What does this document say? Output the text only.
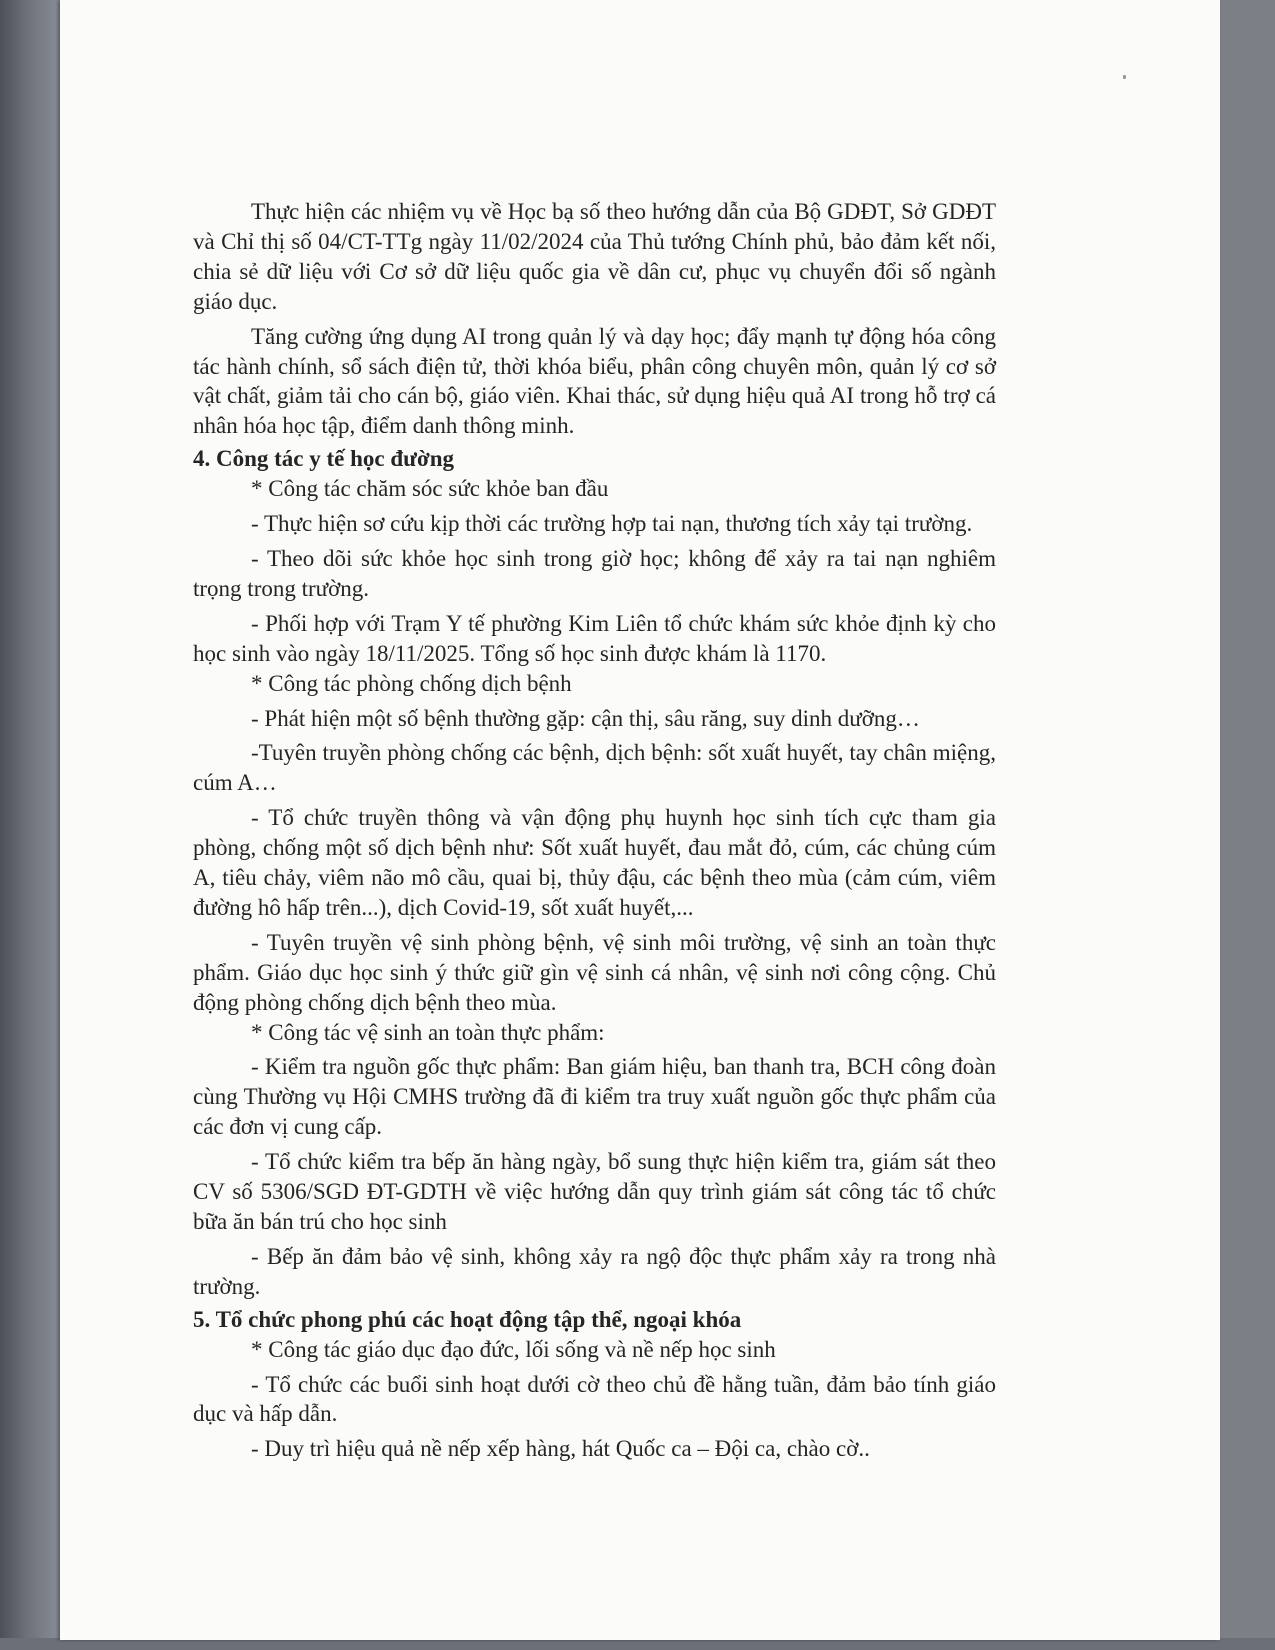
Thực hiện các nhiệm vụ về Học bạ số theo hướng dẫn của Bộ GDĐT, Sở GDĐT và Chỉ thị số 04/CT-TTg ngày 11/02/2024 của Thủ tướng Chính phủ, bảo đảm kết nối, chia sẻ dữ liệu với Cơ sở dữ liệu quốc gia về dân cư, phục vụ chuyển đổi số ngành giáo dục.

Tăng cường ứng dụng AI trong quản lý và dạy học; đẩy mạnh tự động hóa công tác hành chính, sổ sách điện tử, thời khóa biểu, phân công chuyên môn, quản lý cơ sở vật chất, giảm tải cho cán bộ, giáo viên. Khai thác, sử dụng hiệu quả AI trong hỗ trợ cá nhân hóa học tập, điểm danh thông minh.

4. Công tác y tế học đường

* Công tác chăm sóc sức khỏe ban đầu

- Thực hiện sơ cứu kịp thời các trường hợp tai nạn, thương tích xảy tại trường.

- Theo dõi sức khỏe học sinh trong giờ học; không để xảy ra tai nạn nghiêm trọng trong trường.

- Phối hợp với Trạm Y tế phường Kim Liên tổ chức khám sức khỏe định kỳ cho học sinh vào ngày 18/11/2025. Tổng số học sinh được khám là 1170.

* Công tác phòng chống dịch bệnh

- Phát hiện một số bệnh thường gặp: cận thị, sâu răng, suy dinh dưỡng…

-Tuyên truyền phòng chống các bệnh, dịch bệnh: sốt xuất huyết, tay chân miệng, cúm A…

- Tổ chức truyền thông và vận động phụ huynh học sinh tích cực tham gia phòng, chống một số dịch bệnh như: Sốt xuất huyết, đau mắt đỏ, cúm, các chủng cúm A, tiêu chảy, viêm não mô cầu, quai bị, thủy đậu, các bệnh theo mùa (cảm cúm, viêm đường hô hấp trên...), dịch Covid-19, sốt xuất huyết,...

- Tuyên truyền vệ sinh phòng bệnh, vệ sinh môi trường, vệ sinh an toàn thực phẩm. Giáo dục học sinh ý thức giữ gìn vệ sinh cá nhân, vệ sinh nơi công cộng. Chủ động phòng chống dịch bệnh theo mùa.

* Công tác vệ sinh an toàn thực phẩm:

- Kiểm tra nguồn gốc thực phẩm: Ban giám hiệu, ban thanh tra, BCH công đoàn cùng Thường vụ Hội CMHS trường đã đi kiểm tra truy xuất nguồn gốc thực phẩm của các đơn vị cung cấp.

- Tổ chức kiểm tra bếp ăn hàng ngày, bổ sung thực hiện kiểm tra, giám sát theo CV số 5306/SGD ĐT-GDTH về việc hướng dẫn quy trình giám sát công tác tổ chức bữa ăn bán trú cho học sinh

- Bếp ăn đảm bảo vệ sinh, không xảy ra ngộ độc thực phẩm xảy ra trong nhà trường.

5. Tổ chức phong phú các hoạt động tập thể, ngoại khóa

* Công tác giáo dục đạo đức, lối sống và nề nếp học sinh

- Tổ chức các buổi sinh hoạt dưới cờ theo chủ đề hằng tuần, đảm bảo tính giáo dục và hấp dẫn.

- Duy trì hiệu quả nề nếp xếp hàng, hát Quốc ca – Đội ca, chào cờ..
